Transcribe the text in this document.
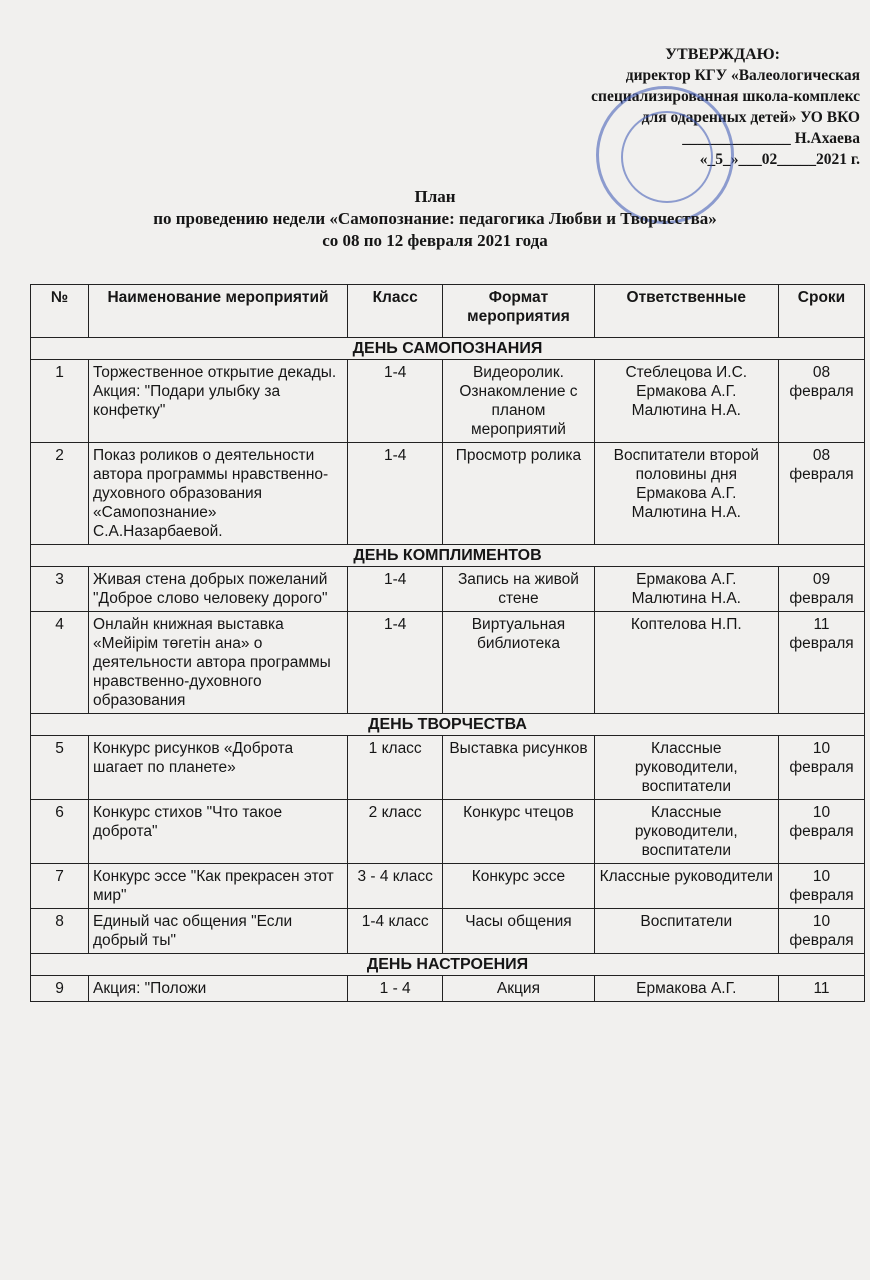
УТВЕРЖДАЮ:
директор КГУ «Валеологическая
специализированная школа-комплекс
для одаренных детей» УО ВКО
______________ Н.Ахаева
«_5_»___02_____2021 г.
План
по проведению недели «Самопознание: педагогика Любви и Творчества»
со 08 по 12 февраля 2021 года
№	Наименование мероприятий	Класс	Формат мероприятия	Ответственные	Сроки
ДЕНЬ САМОПОЗНАНИЯ					
1	Торжественное открытие декады. Акция: "Подари улыбку за конфетку"	1-4	Видеоролик. Ознакомление с планом мероприятий	Стеблецова И.С. Ермакова А.Г. Малютина Н.А.	08 февраля
2	Показ роликов о деятельности автора программы нравственно-духовного образования «Самопознание» С.А.Назарбаевой.	1-4	Просмотр ролика	Воспитатели второй половины дня Ермакова А.Г. Малютина Н.А.	08 февраля
ДЕНЬ КОМПЛИМЕНТОВ					
3	Живая стена добрых пожеланий "Доброе слово человеку дорого"	1-4	Запись на живой стене	Ермакова А.Г. Малютина Н.А.	09 февраля
4	Онлайн книжная выставка «Мейірім төгетін ана» о деятельности автора программы нравственно-духовного образования	1-4	Виртуальная библиотека	Коптелова Н.П.	11 февраля
ДЕНЬ ТВОРЧЕСТВА					
5	Конкурс рисунков «Доброта шагает по планете»	1 класс	Выставка рисунков	Классные руководители, воспитатели	10 февраля
6	Конкурс стихов "Что такое доброта"	2 класс	Конкурс чтецов	Классные руководители, воспитатели	10 февраля
7	Конкурс эссе "Как прекрасен этот мир"	3 - 4 класс	Конкурс эссе	Классные руководители	10 февраля
8	Единый час общения "Если добрый ты"	1-4 класс	Часы общения	Воспитатели	10 февраля
ДЕНЬ НАСТРОЕНИЯ					
9	Акция: "Положи	1 - 4	Акция	Ермакова А.Г.	11
